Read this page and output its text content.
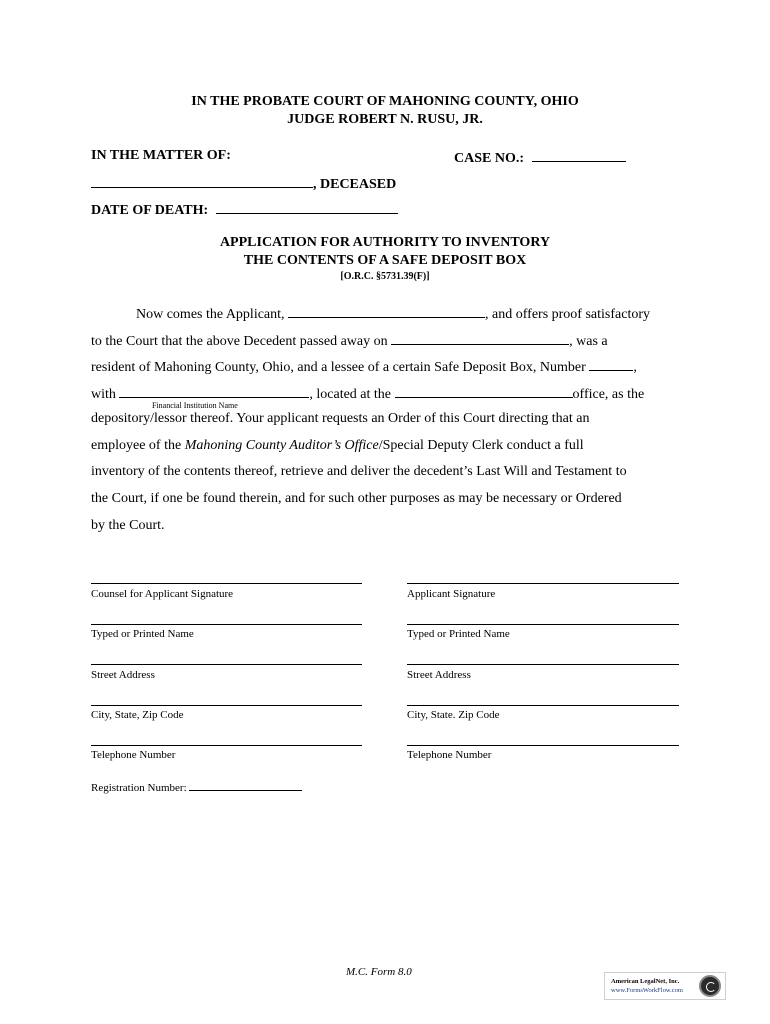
IN THE PROBATE COURT OF MAHONING COUNTY, OHIO
JUDGE ROBERT N. RUSU, JR.
IN THE MATTER OF:	CASE NO.:
, DECEASED
DATE OF DEATH:
APPLICATION FOR AUTHORITY TO INVENTORY
THE CONTENTS OF A SAFE DEPOSIT BOX
[O.R.C. §5731.39(F)]
Now comes the Applicant,	, and offers proof satisfactory
to the Court that the above Decedent passed away on	, was a
resident of Mahoning County, Ohio, and a lessee of a certain Safe Deposit Box, Number	,
with	, located at the	office, as the
Financial Institution Name
depository/lessor thereof. Your applicant requests an Order of this Court directing that an
employee of the Mahoning County Auditor’s Office/Special Deputy Clerk conduct a full
inventory of the contents thereof, retrieve and deliver the decedent’s Last Will and Testament to
the Court, if one be found therein, and for such other purposes as may be necessary or Ordered
by the Court.
Counsel for Applicant Signature
Typed or Printed Name
Street Address
City, State, Zip Code
Telephone Number
Registration Number:
Applicant Signature
Typed or Printed Name
Street Address
City, State. Zip Code
Telephone Number
M.C. Form 8.0
American LegalNet, Inc.
www.FormsWorkFlow.com
